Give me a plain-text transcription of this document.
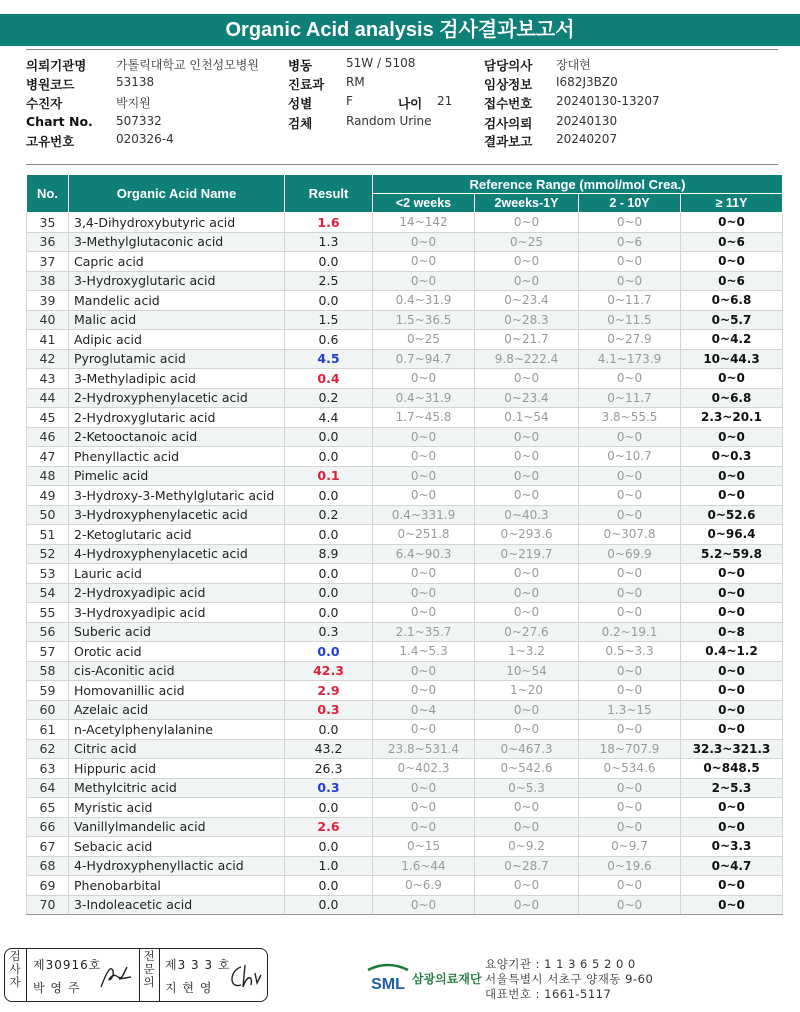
Organic Acid analysis 검사결과보고서
의뢰기관명 가톨릭대학교 인천성모병원
병원코드	53138
수진자	박지원
Chart No. 507332
고유번호	020326-4
병동	51W / 5108
진료과 RM
성별	F	나이 21
검체	Random Urine
담당의사 장대현
임상정보 I682J3BZ0
접수번호 20240130-13207
검사의뢰 20240130
결과보고 20240207
No.	Organic Acid Name	Result	Reference Range (mmol/mol Crea.)			
			<2 weeks	2weeks-1Y	2 - 10Y	≥ 11Y
35	3,4-Dihydroxybutyric acid	1.6	14~142	0~0	0~0	0~0
36	3-Methylglutaconic acid	1.3	0~0	0~25	0~6	0~6
37	Capric acid	0.0	0~0	0~0	0~0	0~0
38	3-Hydroxyglutaric acid	2.5	0~0	0~0	0~0	0~6
39	Mandelic acid	0.0	0.4~31.9	0~23.4	0~11.7	0~6.8
40	Malic acid	1.5	1.5~36.5	0~28.3	0~11.5	0~5.7
41	Adipic acid	0.6	0~25	0~21.7	0~27.9	0~4.2
42	Pyroglutamic acid	4.5	0.7~94.7	9.8~222.4	4.1~173.9	10~44.3
43	3-Methyladipic acid	0.4	0~0	0~0	0~0	0~0
44	2-Hydroxyphenylacetic acid	0.2	0.4~31.9	0~23.4	0~11.7	0~6.8
45	2-Hydroxyglutaric acid	4.4	1.7~45.8	0.1~54	3.8~55.5	2.3~20.1
46	2-Ketooctanoic acid	0.0	0~0	0~0	0~0	0~0
47	Phenyllactic acid	0.0	0~0	0~0	0~10.7	0~0.3
48	Pimelic acid	0.1	0~0	0~0	0~0	0~0
49	3-Hydroxy-3-Methylglutaric acid	0.0	0~0	0~0	0~0	0~0
50	3-Hydroxyphenylacetic acid	0.2	0.4~331.9	0~40.3	0~0	0~52.6
51	2-Ketoglutaric acid	0.0	0~251.8	0~293.6	0~307.8	0~96.4
52	4-Hydroxyphenylacetic acid	8.9	6.4~90.3	0~219.7	0~69.9	5.2~59.8
53	Lauric acid	0.0	0~0	0~0	0~0	0~0
54	2-Hydroxyadipic acid	0.0	0~0	0~0	0~0	0~0
55	3-Hydroxyadipic acid	0.0	0~0	0~0	0~0	0~0
56	Suberic acid	0.3	2.1~35.7	0~27.6	0.2~19.1	0~8
57	Orotic acid	0.0	1.4~5.3	1~3.2	0.5~3.3	0.4~1.2
58	cis-Aconitic acid	42.3	0~0	10~54	0~0	0~0
59	Homovanillic acid	2.9	0~0	1~20	0~0	0~0
60	Azelaic acid	0.3	0~4	0~0	1.3~15	0~0
61	n-Acetylphenylalanine	0.0	0~0	0~0	0~0	0~0
62	Citric acid	43.2	23.8~531.4	0~467.3	18~707.9	32.3~321.3
63	Hippuric acid	26.3	0~402.3	0~542.6	0~534.6	0~848.5
64	Methylcitric acid	0.3	0~0	0~5.3	0~0	2~5.3
65	Myristic acid	0.0	0~0	0~0	0~0	0~0
66	Vanillylmandelic acid	2.6	0~0	0~0	0~0	0~0
67	Sebacic acid	0.0	0~15	0~9.2	0~9.7	0~3.3
68	4-Hydroxyphenyllactic acid	1.0	1.6~44	0~28.7	0~19.6	0~4.7
69	Phenobarbital	0.0	0~6.9	0~0	0~0	0~0
70	3-Indoleacetic acid	0.0	0~0	0~0	0~0	0~0
검
사
자
제30916호
박 영 주
전
문
의
제3 3 3 호
지 현 영	SML 삼광의료재단
요양기관 : 1 1 3 6 5 2 0 0
서울특별시 서초구 양재동 9-60
대표번호 : 1661-5117
